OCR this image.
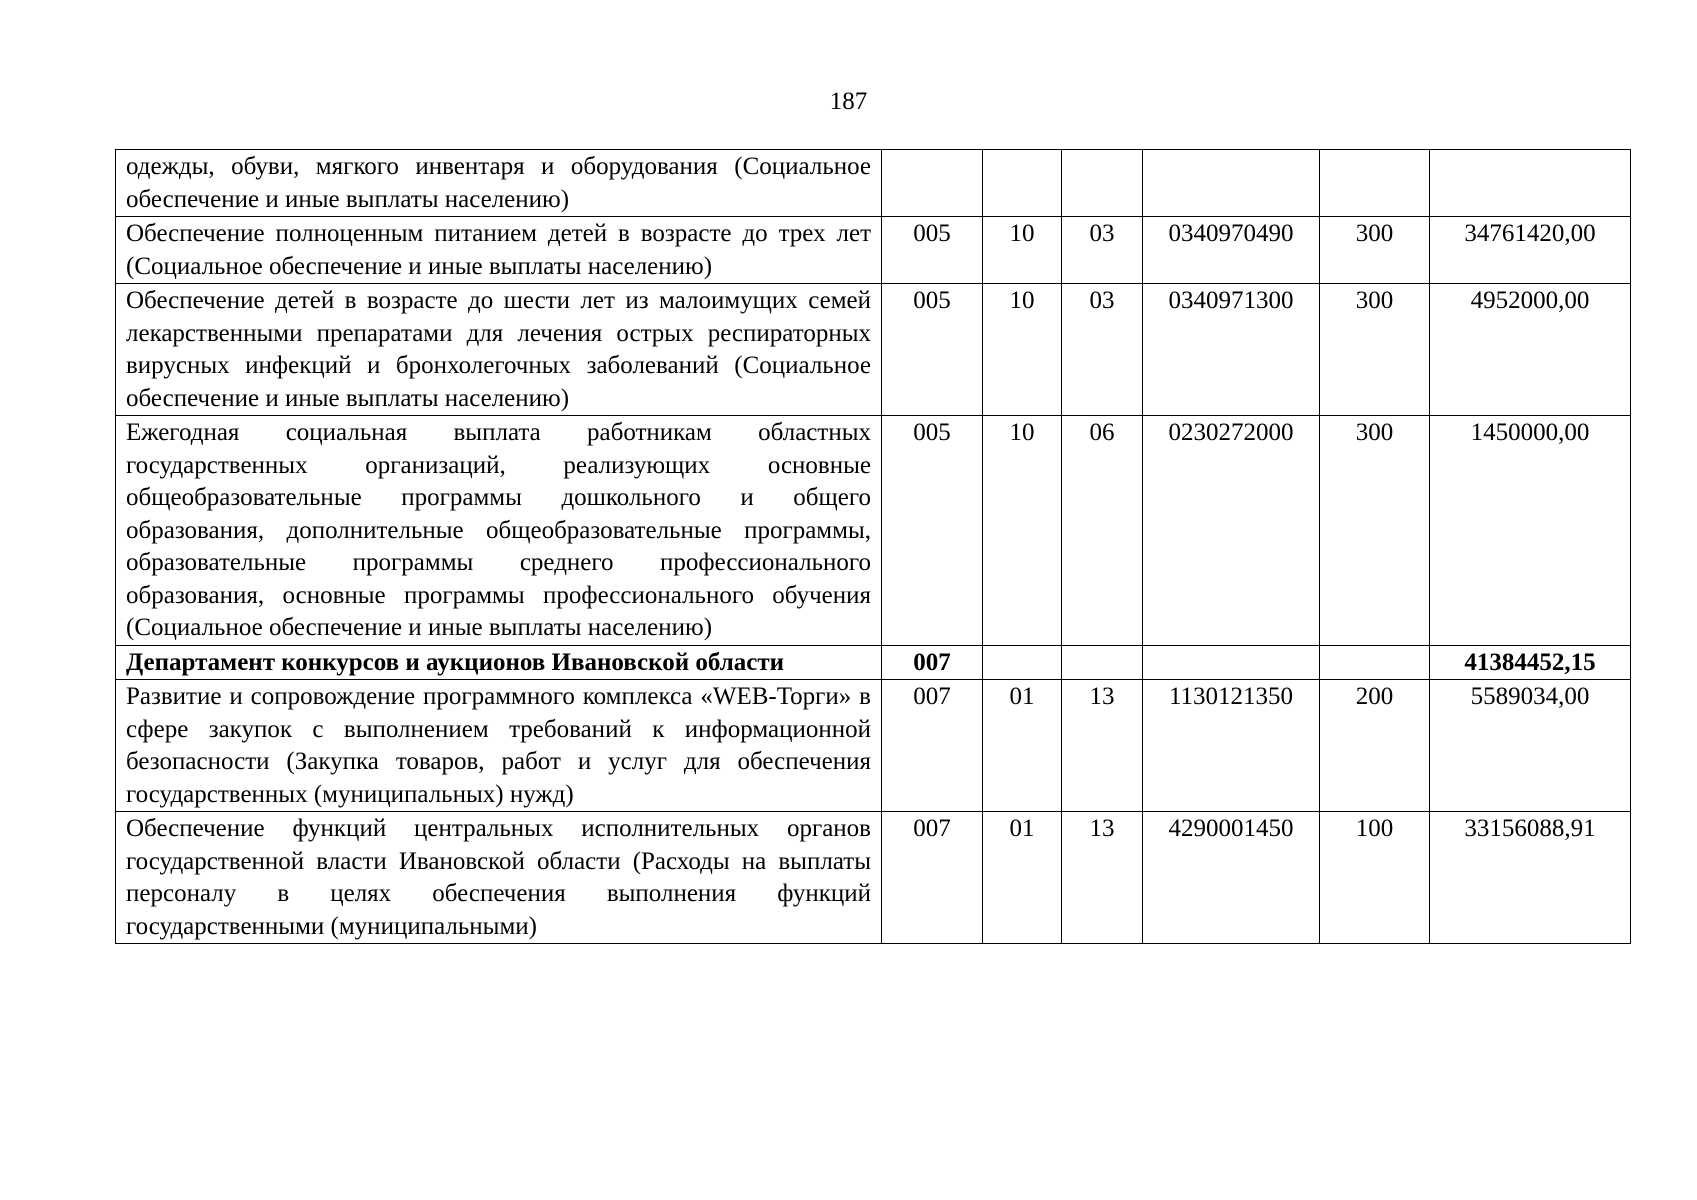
187
одежды, обуви, мягкого инвентаря и оборудования (Социальное обеспечение и иные выплаты населению)						
Обеспечение полноценным питанием детей в возрасте до трех лет (Социальное обеспечение и иные выплаты населению)	005	10	03	0340970490	300	34761420,00
Обеспечение детей в возрасте до шести лет из малоимущих семей лекарственными препаратами для лечения острых респираторных вирусных инфекций и бронхолегочных заболеваний (Социальное обеспечение и иные выплаты населению)	005	10	03	0340971300	300	4952000,00
Ежегодная социальная выплата работникам областных государственных организаций, реализующих основные общеобразовательные программы дошкольного и общего образования, дополнительные общеобразовательные программы, образовательные программы среднего профессионального образования, основные программы профессионального обучения (Социальное обеспечение и иные выплаты населению)	005	10	06	0230272000	300	1450000,00
Департамент конкурсов и аукционов Ивановской области	007					41384452,15
Развитие и сопровождение программного комплекса «WEB-Торги» в сфере закупок с выполнением требований к информационной безопасности (Закупка товаров, работ и услуг для обеспечения государственных (муниципальных) нужд)	007	01	13	1130121350	200	5589034,00
Обеспечение функций центральных исполнительных органов государственной власти Ивановской области (Расходы на выплаты персоналу в целях обеспечения выполнения функций государственными (муниципальными)	007	01	13	4290001450	100	33156088,91
